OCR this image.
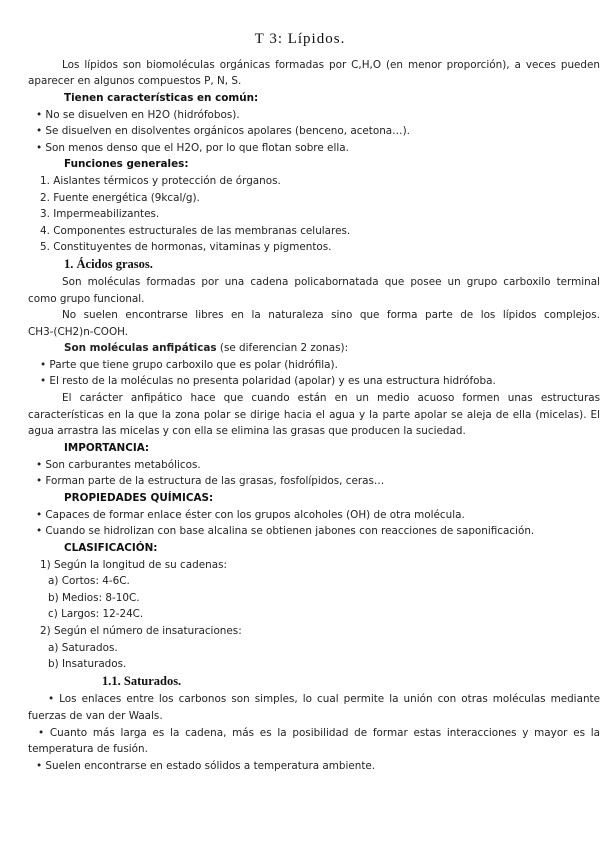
T 3: Lípidos.
Los lípidos son biomoléculas orgánicas formadas por C,H,O (en menor proporción), a veces pueden
aparecer en algunos compuestos P, N, S.
Tienen características en común:
• No se disuelven en H2O (hidrófobos).
• Se disuelven en disolventes orgánicos apolares (benceno, acetona…).
• Son menos denso que el H2O, por lo que flotan sobre ella.
Funciones generales:
1. Aislantes térmicos y protección de órganos.
2. Fuente energética (9kcal/g).
3. Impermeabilizantes.
4. Componentes estructurales de las membranas celulares.
5. Constituyentes de hormonas, vitaminas y pigmentos.
1. Ácidos grasos.
Son moléculas formadas por una cadena policabornatada que posee un grupo carboxilo terminal
como grupo funcional.
No suelen encontrarse libres en la naturaleza sino que forma parte de los lípidos complejos.
CH3-(CH2)n-COOH.
Son moléculas anfipáticas (se diferencian 2 zonas):
• Parte que tiene grupo carboxilo que es polar (hidrófila).
• El resto de la moléculas no presenta polaridad (apolar) y es una estructura hidrófoba.
El carácter anfipático hace que cuando están en un medio acuoso formen unas estructuras
características en la que la zona polar se dirige hacia el agua y la parte apolar se aleja de ella (micelas). El
agua arrastra las micelas y con ella se elimina las grasas que producen la suciedad.
IMPORTANCIA:
• Son carburantes metabólicos.
• Forman parte de la estructura de las grasas, fosfolípidos, ceras…
PROPIEDADES QUÍMICAS:
• Capaces de formar enlace éster con los grupos alcoholes (OH) de otra molécula.
• Cuando se hidrolizan con base alcalina se obtienen jabones con reacciones de saponificación.
CLASIFICACIÓN:
1) Según la longitud de su cadenas:
a) Cortos: 4-6C.
b) Medios: 8-10C.
c) Largos: 12-24C.
2) Según el número de insaturaciones:
a) Saturados.
b) Insaturados.
1.1. Saturados.
• Los enlaces entre los carbonos son simples, lo cual permite la unión con otras moléculas mediante
fuerzas de van der Waals.
• Cuanto más larga es la cadena, más es la posibilidad de formar estas interacciones y mayor es la
temperatura de fusión.
• Suelen encontrarse en estado sólidos a temperatura ambiente.
